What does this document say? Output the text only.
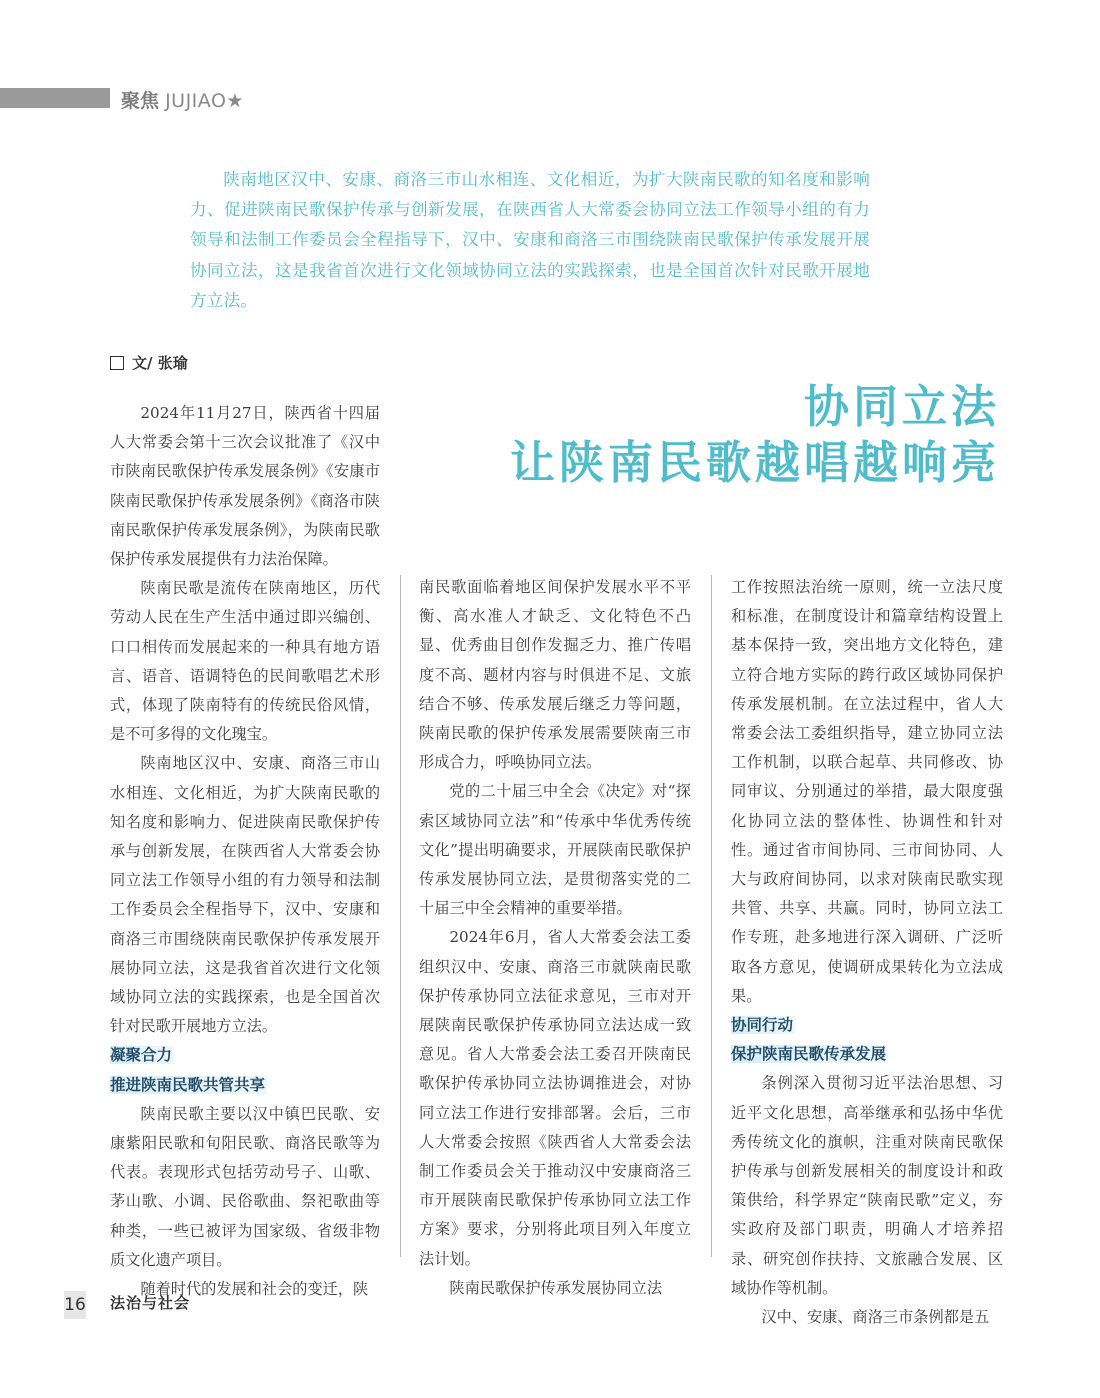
聚焦 JUJIAO★
陕南地区汉中、安康、商洛三市山水相连、文化相近，为扩大陕南民歌的知名度和影响力、促进陕南民歌保护传承与创新发展，在陕西省人大常委会协同立法工作领导小组的有力领导和法制工作委员会全程指导下，汉中、安康和商洛三市围绕陕南民歌保护传承发展开展协同立法，这是我省首次进行文化领域协同立法的实践探索，也是全国首次针对民歌开展地方立法。
文/ 张瑜
协同立法
让陕南民歌越唱越响亮

2024年11月27日，陕西省十四届人大常委会第十三次会议批准了《汉中市陕南民歌保护传承发展条例》《安康市陕南民歌保护传承发展条例》《商洛市陕南民歌保护传承发展条例》，为陕南民歌保护传承发展提供有力法治保障。

陕南民歌是流传在陕南地区，历代劳动人民在生产生活中通过即兴编创、口口相传而发展起来的一种具有地方语言、语音、语调特色的民间歌唱艺术形式，体现了陕南特有的传统民俗风情，是不可多得的文化瑰宝。

陕南地区汉中、安康、商洛三市山水相连、文化相近，为扩大陕南民歌的知名度和影响力、促进陕南民歌保护传承与创新发展，在陕西省人大常委会协同立法工作领导小组的有力领导和法制工作委员会全程指导下，汉中、安康和商洛三市围绕陕南民歌保护传承发展开展协同立法，这是我省首次进行文化领域协同立法的实践探索，也是全国首次针对民歌开展地方立法。

凝聚合力
推进陕南民歌共管共享

陕南民歌主要以汉中镇巴民歌、安康紫阳民歌和旬阳民歌、商洛民歌等为代表。表现形式包括劳动号子、山歌、茅山歌、小调、民俗歌曲、祭祀歌曲等种类，一些已被评为国家级、省级非物质文化遗产项目。

随着时代的发展和社会的变迁，陕

南民歌面临着地区间保护发展水平不平衡、高水准人才缺乏、文化特色不凸显、优秀曲目创作发掘乏力、推广传唱度不高、题材内容与时俱进不足、文旅结合不够、传承发展后继乏力等问题，陕南民歌的保护传承发展需要陕南三市形成合力，呼唤协同立法。

党的二十届三中全会《决定》对“探索区域协同立法”和“传承中华优秀传统文化”提出明确要求，开展陕南民歌保护传承发展协同立法，是贯彻落实党的二十届三中全会精神的重要举措。

2024年6月，省人大常委会法工委组织汉中、安康、商洛三市就陕南民歌保护传承协同立法征求意见，三市对开展陕南民歌保护传承协同立法达成一致意见。省人大常委会法工委召开陕南民歌保护传承协同立法协调推进会，对协同立法工作进行安排部署。会后，三市人大常委会按照《陕西省人大常委会法制工作委员会关于推动汉中安康商洛三市开展陕南民歌保护传承协同立法工作方案》要求，分别将此项目列入年度立法计划。

陕南民歌保护传承发展协同立法

工作按照法治统一原则，统一立法尺度和标准，在制度设计和篇章结构设置上基本保持一致，突出地方文化特色，建立符合地方实际的跨行政区域协同保护传承发展机制。在立法过程中，省人大常委会法工委组织指导，建立协同立法工作机制，以联合起草、共同修改、协同审议、分别通过的举措，最大限度强化协同立法的整体性、协调性和针对性。通过省市间协同、三市间协同、人大与政府间协同，以求对陕南民歌实现共管、共享、共赢。同时，协同立法工作专班，赴多地进行深入调研、广泛听取各方意见，使调研成果转化为立法成果。

协同行动
保护陕南民歌传承发展

条例深入贯彻习近平法治思想、习近平文化思想，高举继承和弘扬中华优秀传统文化的旗帜，注重对陕南民歌保护传承与创新发展相关的制度设计和政策供给，科学界定“陕南民歌”定义，夯实政府及部门职责，明确人才培养招录、研究创作扶持、文旅融合发展、区域协作等机制。

汉中、安康、商洛三市条例都是五

16 法治与社会
